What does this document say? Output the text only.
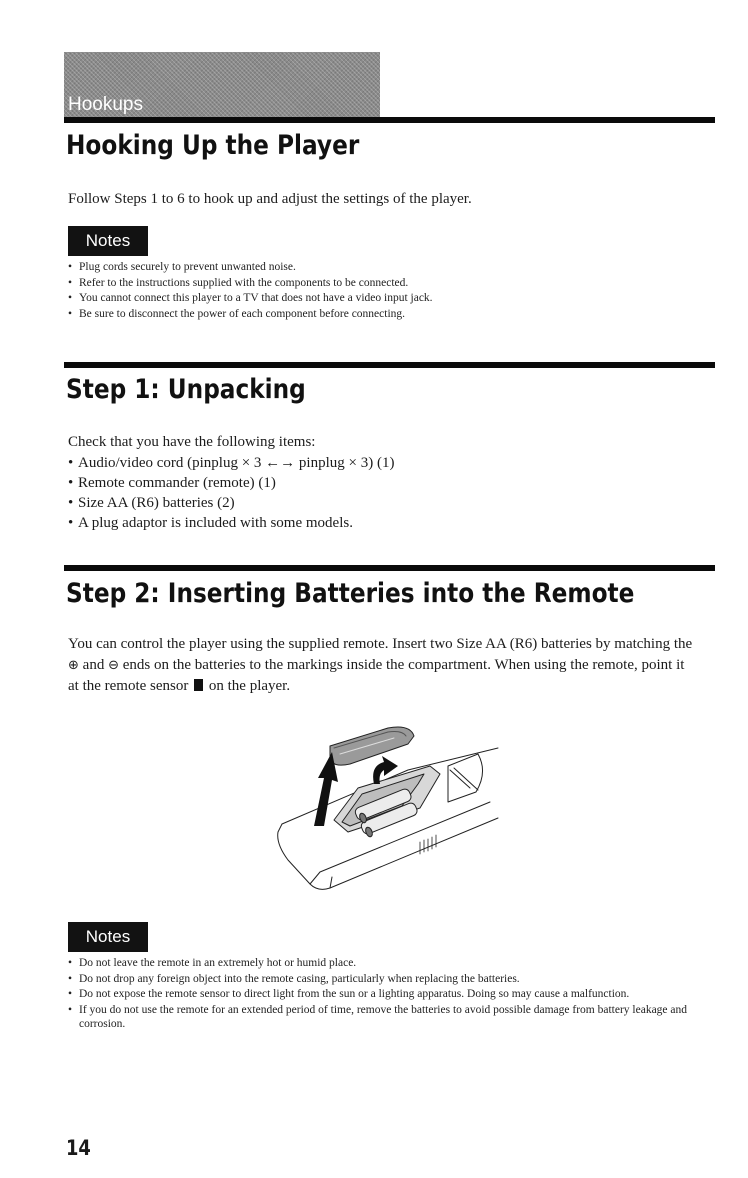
Hookups
Hooking Up the Player

Follow Steps 1 to 6 to hook up and adjust the settings of the player.

Notes
• Plug cords securely to prevent unwanted noise.
• Refer to the instructions supplied with the components to be connected.
• You cannot connect this player to a TV that does not have a video input jack.
• Be sure to disconnect the power of each component before connecting.
Step 1: Unpacking

Check that you have the following items:

• Audio/video cord (pinplug × 3 ←→ pinplug × 3) (1)
• Remote commander (remote) (1)
• Size AA (R6) batteries (2)
• A plug adaptor is included with some models.
Step 2: Inserting Batteries into the Remote

You can control the player using the supplied remote. Insert two Size AA (R6) batteries by matching the ⊕ and ⊖ ends on the batteries to the markings inside the compartment. When using the remote, point it at the remote sensor on the player.

Notes
• Do not leave the remote in an extremely hot or humid place.
• Do not drop any foreign object into the remote casing, particularly when replacing the batteries.
• Do not expose the remote sensor to direct light from the sun or a lighting apparatus. Doing so may cause a malfunction.
• If you do not use the remote for an extended period of time, remove the batteries to avoid possible damage from battery leakage and corrosion.
14
